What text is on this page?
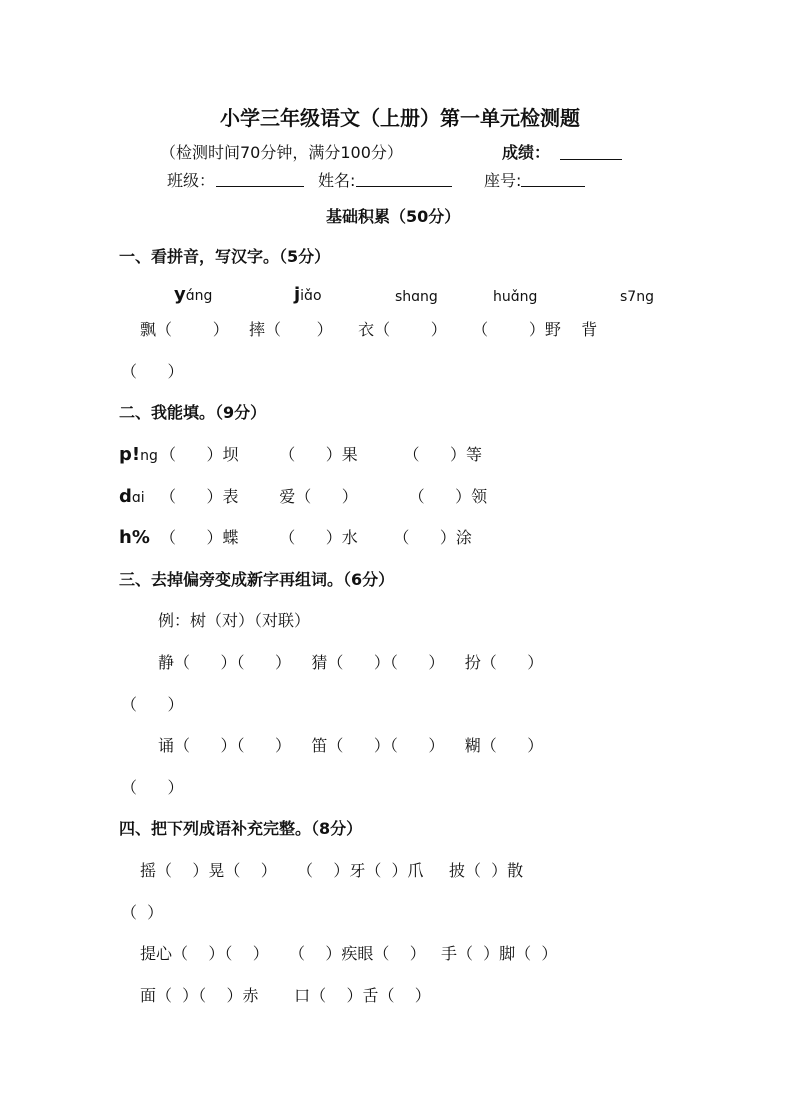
小学三年级语文（上册）第一单元检测题
（检测时间70分钟，满分100分）	成绩：
班级：	姓名:	座号:
基础积累（50分）
一、看拼音，写汉字。（5分）
yɑ́ng	jiɑ̌o	shɑng	huɑ̌ng	s7ng
飘（        ）    摔（       ）     衣（        ）     （        ）野    背
（      ）
二、我能填。（9分）
p!ng （      ）坝        （      ）果         （      ）等
dɑi （      ）表        爱（      ）          （      ）领
h% （      ）蝶        （      ）水       （      ）涂
三、去掉偏旁变成新字再组词。（6分）
例：树（对）（对联）
静（      ）（      ）    猜（      ）（      ）    扮（      ）
（      ）
诵（      ）（      ）    笛（      ）（      ）    糊（      ）
（      ）
四、把下列成语补充完整。（8分）
摇（    ）晃（    ）    （    ）牙（  ）爪     披（  ）散
（  ）
提心（    ）（    ）    （    ）疾眼（    ）   手（  ）脚（  ）
面（  ）（    ）赤       口（    ）舌（    ）
